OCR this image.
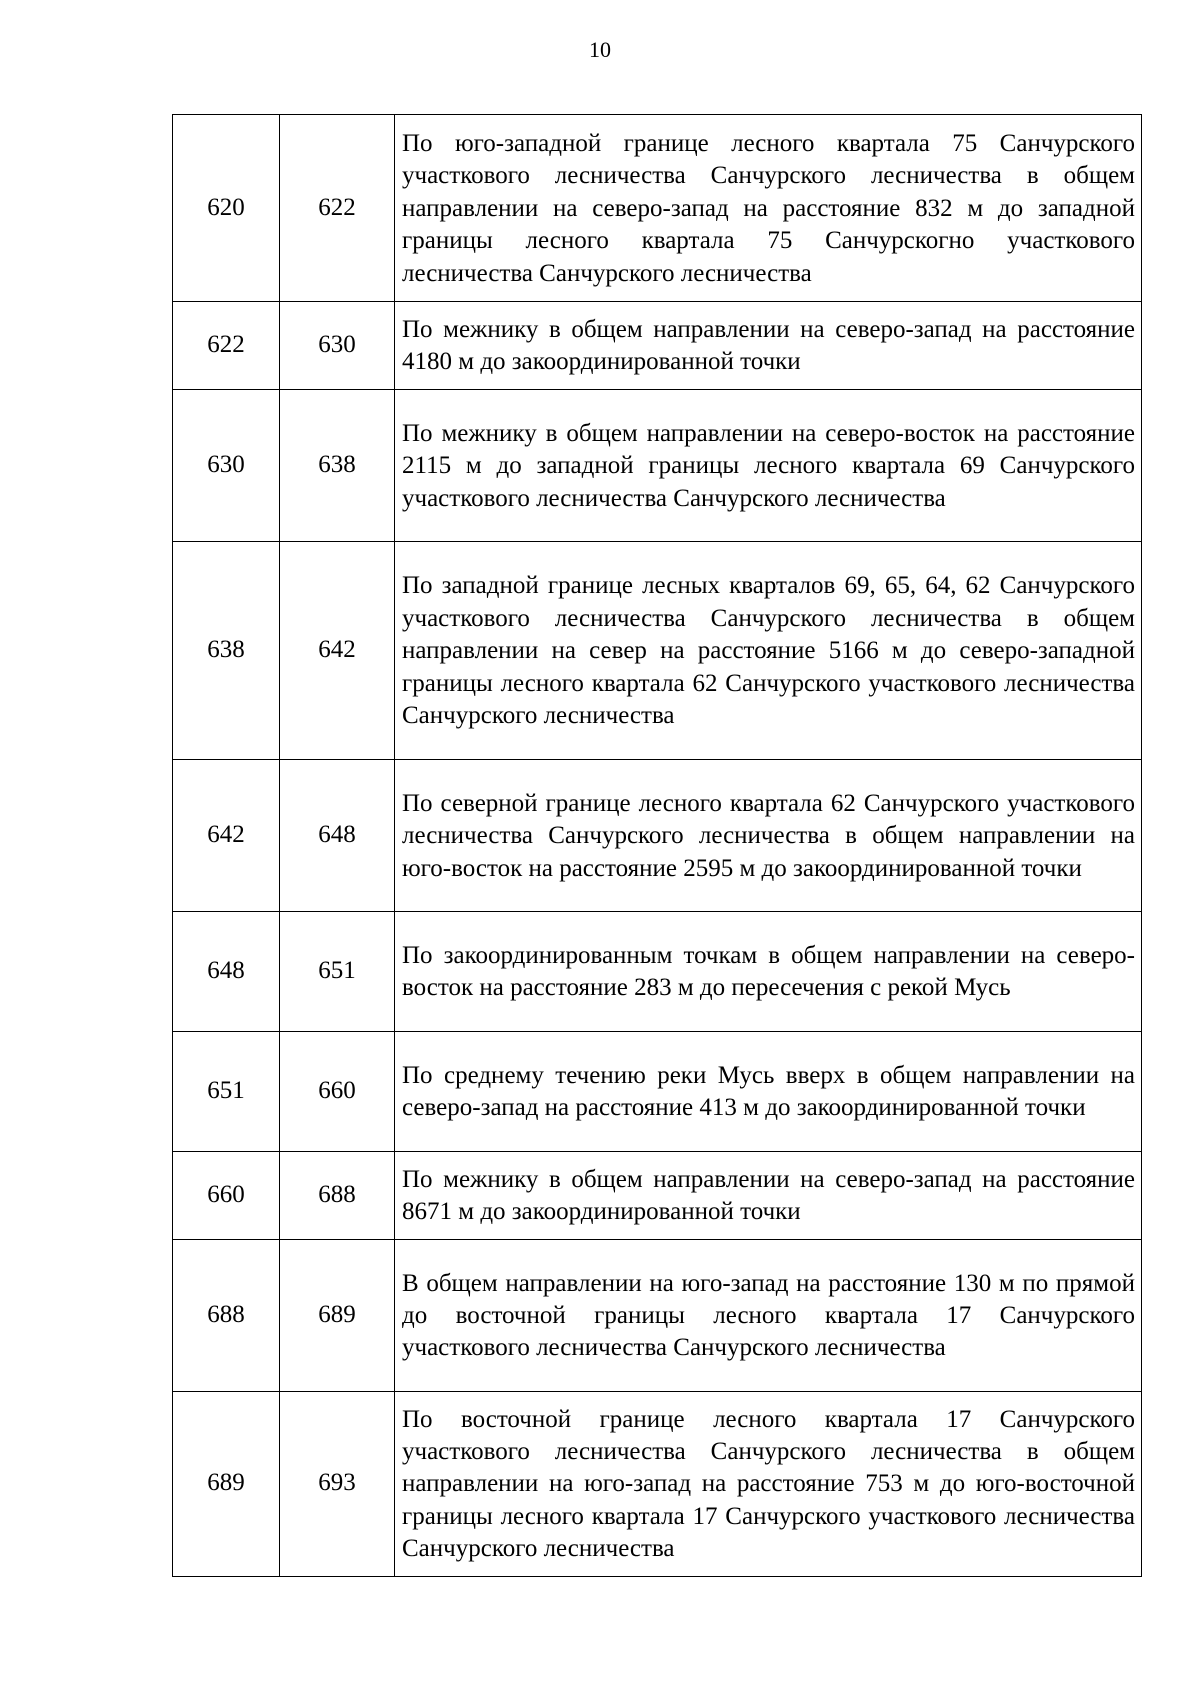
10
620	622	По юго-западной границе лесного квартала 75 Санчурского участкового лесничества Санчурского лесничества в общем направлении на северо-запад на расстояние 832 м до западной границы лесного квартала 75 Санчурскогно участкового лесничества Санчурского лесничества
622	630	По межнику в общем направлении на северо-запад на расстояние 4180 м до закоординированной точки
630	638	По межнику в общем направлении на северо-восток на расстояние 2115 м до западной границы лесного квартала 69 Санчурского участкового лесничества Санчурского лесничества
638	642	По западной границе лесных кварталов 69, 65, 64, 62 Санчурского участкового лесничества Санчурского лесничества в общем направлении на север на расстояние 5166 м до северо-западной границы лесного квартала 62 Санчурского участкового лесничества Санчурского лесничества
642	648	По северной границе лесного квартала 62 Санчурского участкового лесничества Санчурского лесничества в общем направлении на юго-восток на расстояние 2595 м до закоординированной точки
648	651	По закоординированным точкам в общем направлении на северо-восток на расстояние 283 м до пересечения с рекой Мусь
651	660	По среднему течению реки Мусь вверх в общем направлении на северо-запад на расстояние 413 м до закоординированной точки
660	688	По межнику в общем направлении на северо-запад на расстояние 8671 м до закоординированной точки
688	689	В общем направлении на юго-запад на расстояние 130 м по прямой до восточной границы лесного квартала 17 Санчурского участкового лесничества Санчурского лесничества
689	693	По восточной границе лесного квартала 17 Санчурского участкового лесничества Санчурского лесничества в общем направлении на юго-запад на расстояние 753 м до юго-восточной границы лесного квартала 17 Санчурского участкового лесничества Санчурского лесничества
